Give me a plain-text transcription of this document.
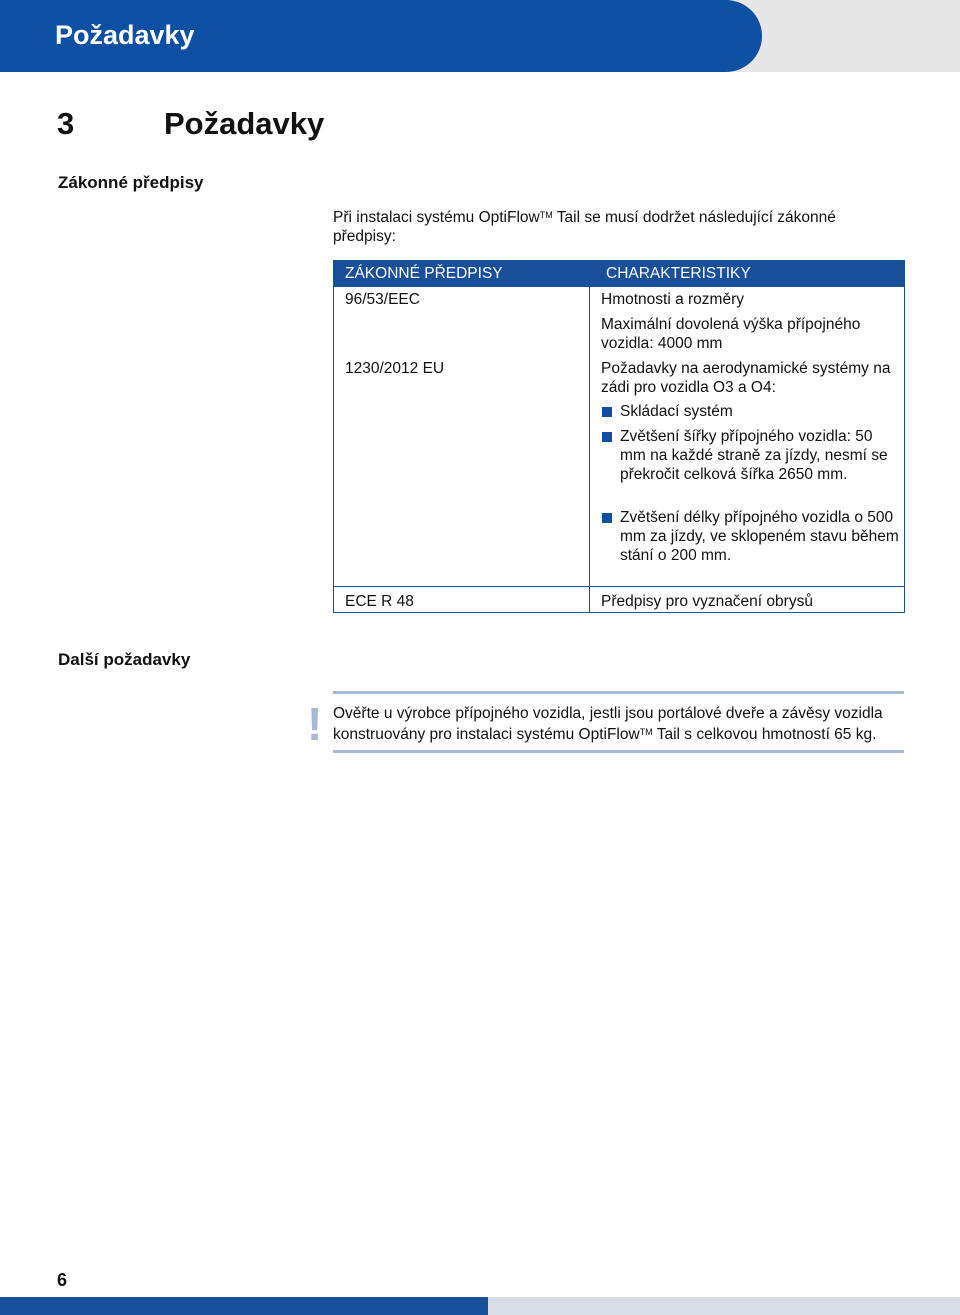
Požadavky
3	Požadavky
Zákonné předpisy
Při instalaci systému OptiFlow™ Tail se musí dodržet následující zákonné předpisy:
ZÁKONNÉ PŘEDPISY	CHARAKTERISTIKY
96/53/EEC	Hmotnosti a rozměry
Maximální dovolená výška přípojného vozidla: 4000 mm
1230/2012 EU	Požadavky na aerodynamické systémy na zádi pro vozidla O3 a O4:
Skládací systém
Zvětšení šířky přípojného vozidla: 50 mm na každé straně za jízdy, nesmí se překročit celková šířka 2650 mm.
Zvětšení délky přípojného vozidla o 500 mm za jízdy, ve sklopeném stavu během stání o 200 mm.
ECE R 48	Předpisy pro vyznačení obrysů
Další požadavky
! Ověřte u výrobce přípojného vozidla, jestli jsou portálové dveře a závěsy vozidla konstruovány pro instalaci systému OptiFlow™ Tail s celkovou hmotností 65 kg.
6
